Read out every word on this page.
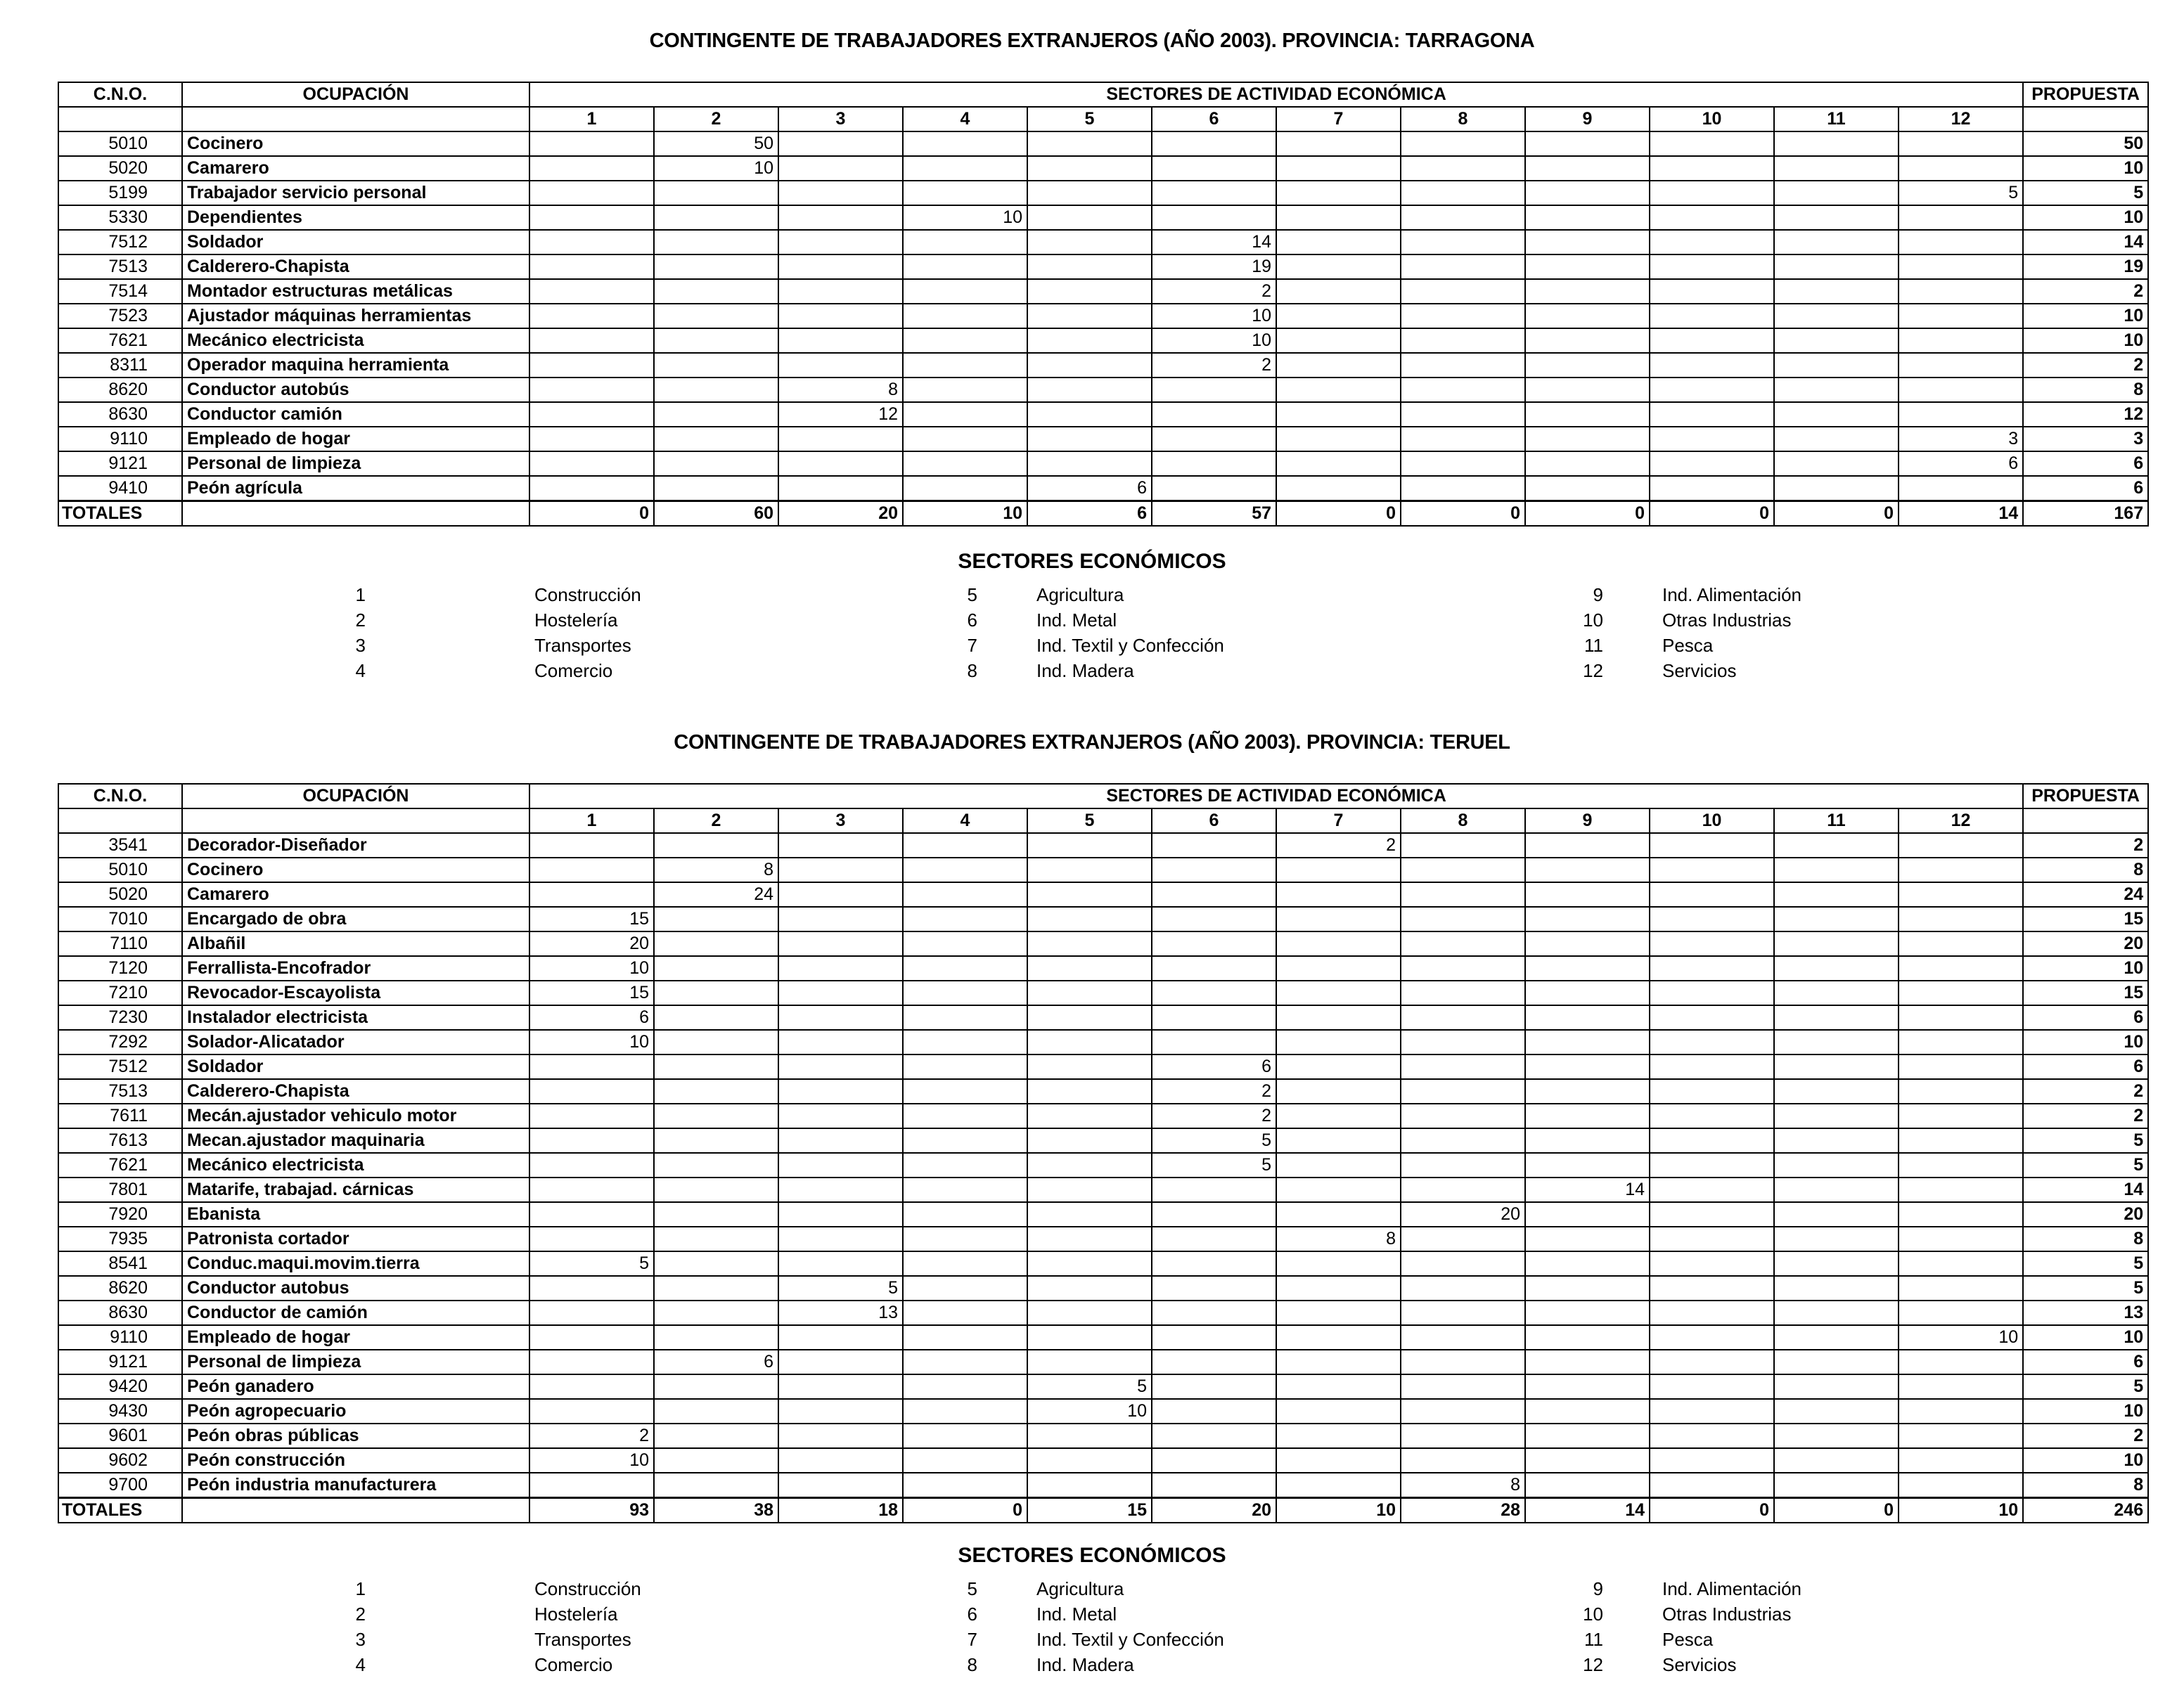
CONTINGENTE DE TRABAJADORES EXTRANJEROS (AÑO 2003). PROVINCIA: TARRAGONA
C.N.O.	OCUPACIÓN	SECTORES DE ACTIVIDAD ECONÓMICA												PROPUESTA
		1	2	3	4	5	6	7	8	9	10	11	12	
5010	Cocinero		50											50
5020	Camarero		10											10
5199	Trabajador servicio personal												5	5
5330	Dependientes				10									10
7512	Soldador						14							14
7513	Calderero-Chapista						19							19
7514	Montador estructuras metálicas						2							2
7523	Ajustador máquinas herramientas						10							10
7621	Mecánico electricista						10							10
8311	Operador maquina herramienta						2							2
8620	Conductor autobús			8										8
8630	Conductor camión			12										12
9110	Empleado de hogar												3	3
9121	Personal de limpieza												6	6
9410	Peón agrícula					6								6
TOTALES		0	60	20	10	6	57	0	0	0	0	0	14	167
SECTORES ECONÓMICOS
1	Construcción
2	Hostelería
3	Transportes
4	Comercio
5	Agricultura
6	Ind. Metal
7	Ind. Textil y Confección
8	Ind. Madera
9	Ind. Alimentación
10	Otras Industrias
11	Pesca
12	Servicios
CONTINGENTE DE TRABAJADORES EXTRANJEROS (AÑO 2003). PROVINCIA: TERUEL
C.N.O.	OCUPACIÓN	SECTORES DE ACTIVIDAD ECONÓMICA												PROPUESTA
		1	2	3	4	5	6	7	8	9	10	11	12	
3541	Decorador-Diseñador							2						2
5010	Cocinero		8											8
5020	Camarero		24											24
7010	Encargado de obra	15												15
7110	Albañil	20												20
7120	Ferrallista-Encofrador	10												10
7210	Revocador-Escayolista	15												15
7230	Instalador electricista	6												6
7292	Solador-Alicatador	10												10
7512	Soldador						6							6
7513	Calderero-Chapista						2							2
7611	Mecán.ajustador vehiculo motor						2							2
7613	Mecan.ajustador maquinaria						5							5
7621	Mecánico electricista						5							5
7801	Matarife, trabajad. cárnicas									14				14
7920	Ebanista								20					20
7935	Patronista cortador							8						8
8541	Conduc.maqui.movim.tierra	5												5
8620	Conductor autobus			5										5
8630	Conductor de camión			13										13
9110	Empleado de hogar												10	10
9121	Personal de limpieza		6											6
9420	Peón ganadero					5								5
9430	Peón agropecuario					10								10
9601	Peón obras públicas	2												2
9602	Peón construcción	10												10
9700	Peón industria manufacturera								8					8
TOTALES		93	38	18	0	15	20	10	28	14	0	0	10	246
SECTORES ECONÓMICOS
1	Construcción
2	Hostelería
3	Transportes
4	Comercio
5	Agricultura
6	Ind. Metal
7	Ind. Textil y Confección
8	Ind. Madera
9	Ind. Alimentación
10	Otras Industrias
11	Pesca
12	Servicios
